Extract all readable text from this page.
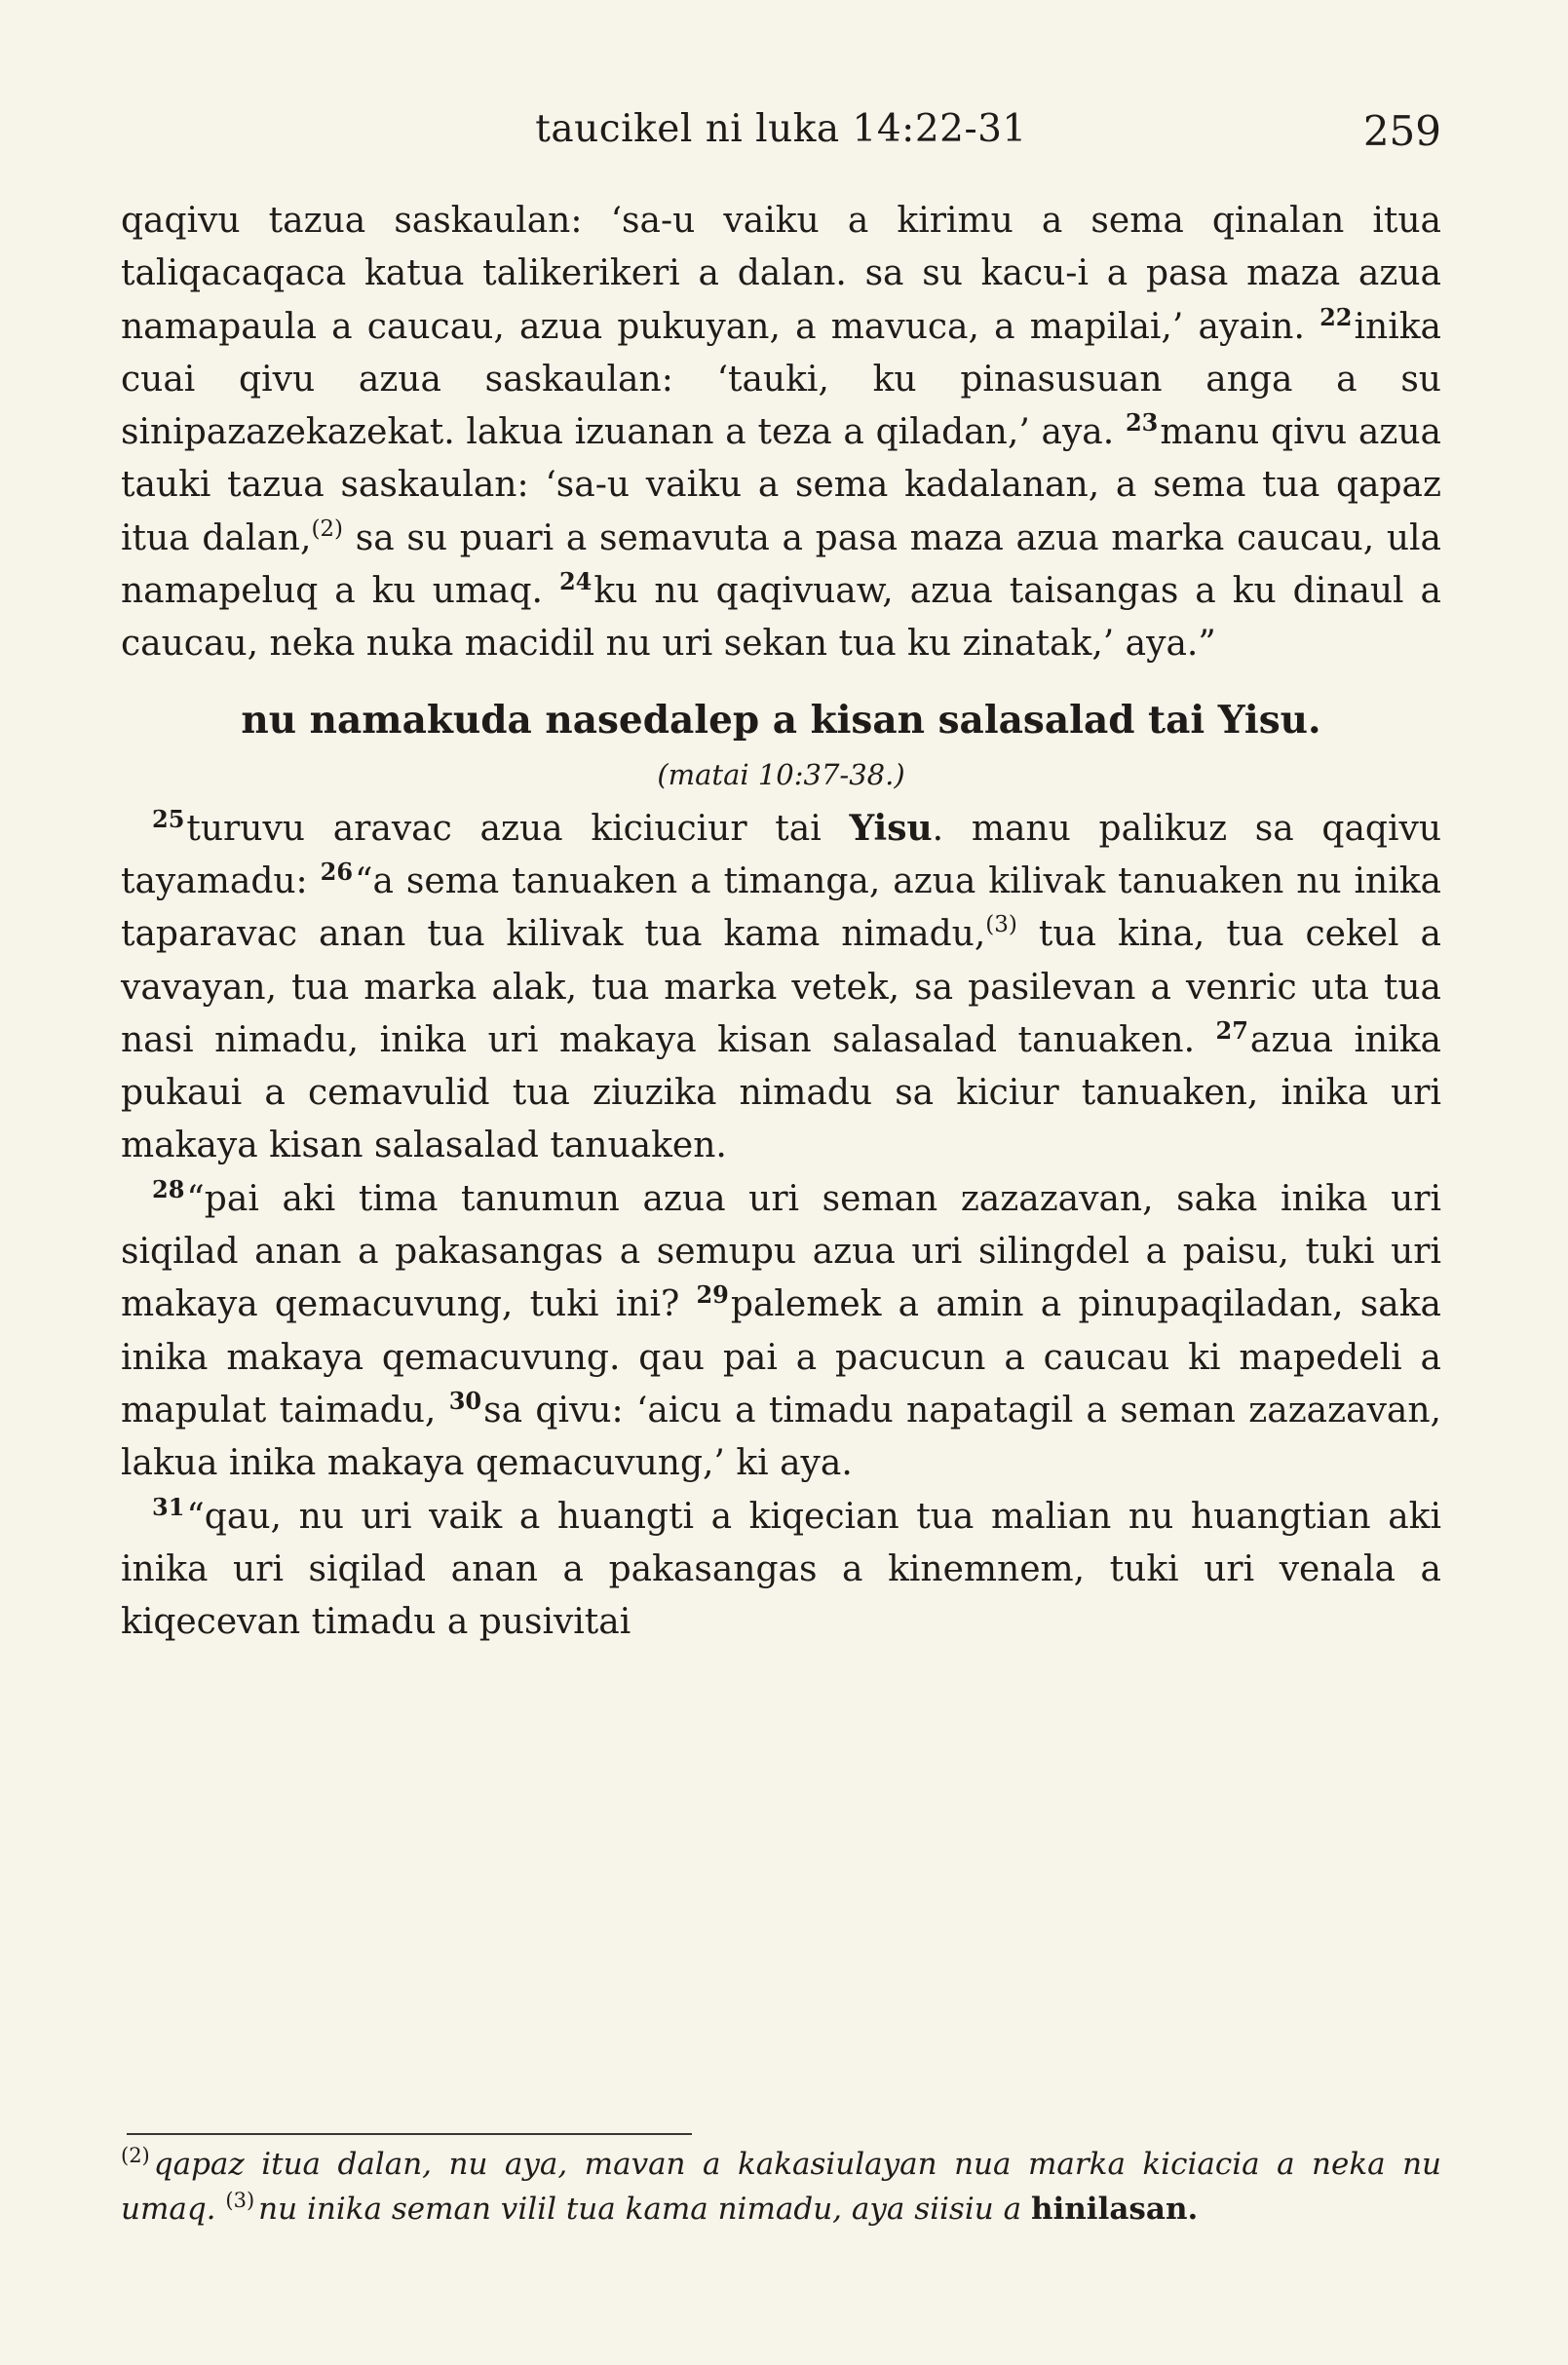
taucikel ni luka 14:22-31	259

qaqivu tazua saskaulan: ‘sa-u vaiku a kirimu a sema qinalan itua taliqacaqaca katua talikerikeri a dalan. sa su kacu-i a pasa maza azua namapaula a caucau, azua pukuyan, a mavuca, a mapilai,’ ayain. $^{22}$inika cuai qivu azua saskaulan: ‘tauki, ku pinasusuan anga a su sinipazazekazekat. lakua izuanan a teza a qiladan,’ aya. $^{23}$manu qivu azua tauki tazua saskaulan: ‘sa-u vaiku a sema kadalanan, a sema tua qapaz itua dalan,$^{(2)}$ sa su puari a semavuta a pasa maza azua marka caucau, ula namapeluq a ku umaq. $^{24}$ku nu qaqivuaw, azua taisangas a ku dinaul a caucau, neka nuka macidil nu uri sekan tua ku zinatak,’ aya.”

nu namakuda nasedalep a kisan salasalad tai Yisu.
(matai 10:37-38.)

$^{25}$turuvu aravac azua kiciuciur tai Yisu. manu palikuz sa qaqivu tayamadu: $^{26}$“a sema tanuaken a timanga, azua kilivak tanuaken nu inika taparavac anan tua kilivak tua kama nimadu,$^{(3)}$ tua kina, tua cekel a vavayan, tua marka alak, tua marka vetek, sa pasilevan a venric uta tua nasi nimadu, inika uri makaya kisan salasalad tanuaken. $^{27}$azua inika pukaui a cemavulid tua ziuzika nimadu sa kiciur tanuaken, inika uri makaya kisan salasalad tanuaken.

$^{28}$“pai aki tima tanumun azua uri seman zazazavan, saka inika uri siqilad anan a pakasangas a semupu azua uri silingdel a paisu, tuki uri makaya qemacuvung, tuki ini? $^{29}$palemek a amin a pinupaqiladan, saka inika makaya qemacuvung. qau pai a pacucun a caucau ki mapedeli a mapulat taimadu, $^{30}$sa qivu: ‘aicu a timadu napatagil a seman zazazavan, lakua inika makaya qemacuvung,’ ki aya.

$^{31}$“qau, nu uri vaik a huangti a kiqecian tua malian nu huangtian aki inika uri siqilad anan a pakasangas a kinemnem, tuki uri venala a kiqecevan timadu a pusivitai

$^{(2)}$ qapaz itua dalan, nu aya, mavan a kakasiulayan nua marka kiciacia a neka nu umaq. $^{(3)}$ nu inika seman vilil tua kama nimadu, aya siisiu a hinilasan.
